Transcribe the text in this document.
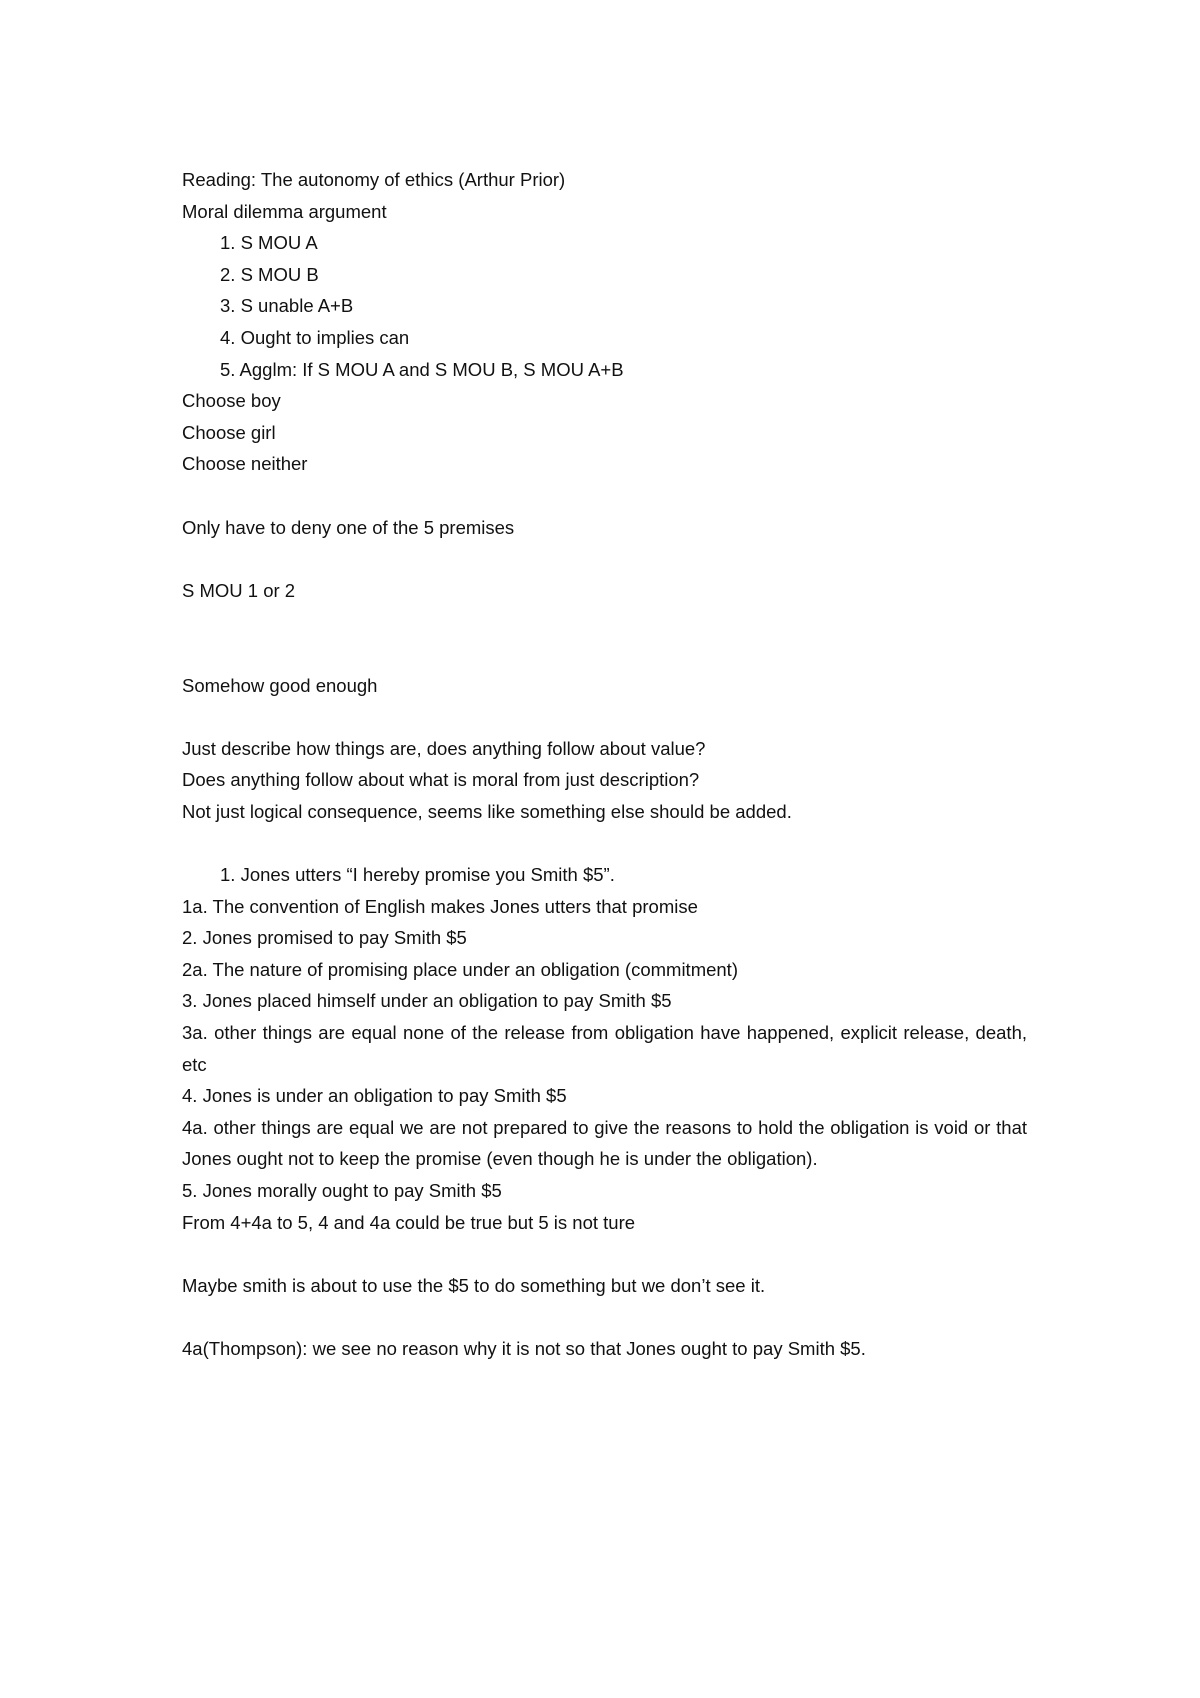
Reading: The autonomy of ethics (Arthur Prior)
Moral dilemma argument
1. S MOU A
2. S MOU B
3. S unable A+B
4. Ought to implies can
5. Agglm: If S MOU A and S MOU B, S MOU A+B
Choose boy
Choose girl
Choose neither
Only have to deny one of the 5 premises
S MOU 1 or 2
Somehow good enough
Just describe how things are, does anything follow about value?
Does anything follow about what is moral from just description?
Not just logical consequence, seems like something else should be added.
1. Jones utters “I hereby promise you Smith $5”.
1a. The convention of English makes Jones utters that promise
2. Jones promised to pay Smith $5
2a. The nature of promising place under an obligation (commitment)
3. Jones placed himself under an obligation to pay Smith $5
3a. other things are equal none of the release from obligation have happened, explicit release, death, etc
4. Jones is under an obligation to pay Smith $5
4a. other things are equal we are not prepared to give the reasons to hold the obligation is void or that Jones ought not to keep the promise (even though he is under the obligation).
5. Jones morally ought to pay Smith $5
From 4+4a to 5, 4 and 4a could be true but 5 is not ture
Maybe smith is about to use the $5 to do something but we don’t see it.
4a(Thompson): we see no reason why it is not so that Jones ought to pay Smith $5.
